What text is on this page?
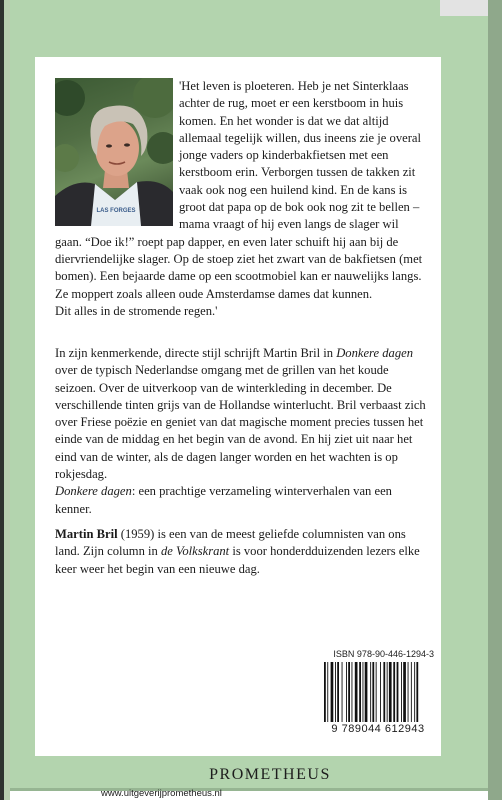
LAS FORGES

'Het leven is ploeteren. Heb je net Sinterklaas achter de rug, moet er een kerstboom in huis komen. En het wonder is dat we dat altijd allemaal tegelijk willen, dus ineens zie je overal jonge vaders op kinderbakfietsen met een kerstboom erin. Verborgen tussen de takken zit vaak ook nog een huilend kind. En de kans is groot dat papa op de bok ook nog zit te bellen – mama vraagt of hij even langs de slager wil gaan. “Doe ik!” roept pap dapper, en even later schuift hij aan bij de diervriendelijke slager. Op de stoep ziet het zwart van de bakfietsen (met bomen). Een bejaarde dame op een scootmobiel kan er nauwelijks langs. Ze moppert zoals alleen oude Amsterdamse dames dat kunnen.
Dit alles in de stromende regen.'

In zijn kenmerkende, directe stijl schrijft Martin Bril in Donkere dagen over de typisch Nederlandse omgang met de grillen van het koude seizoen. Over de uitverkoop van de winterkleding in december. De verschillende tinten grijs van de Hollandse winterlucht. Bril verbaast zich over Friese poëzie en geniet van dat magische moment precies tussen het einde van de middag en het begin van de avond. En hij ziet uit naar het eind van de winter, als de dagen langer worden en het wachten is op rokjesdag.
Donkere dagen: een prachtige verzameling winterverhalen van een kenner.

Martin Bril (1959) is een van de meest geliefde columnisten van ons land. Zijn column in de Volkskrant is voor honderdduizenden lezers elke keer weer het begin van een nieuwe dag.

ISBN 978-90-446-1294-3
9 789044 612943
www.uitgeverijprometheus.nl
PROMETHEUS
